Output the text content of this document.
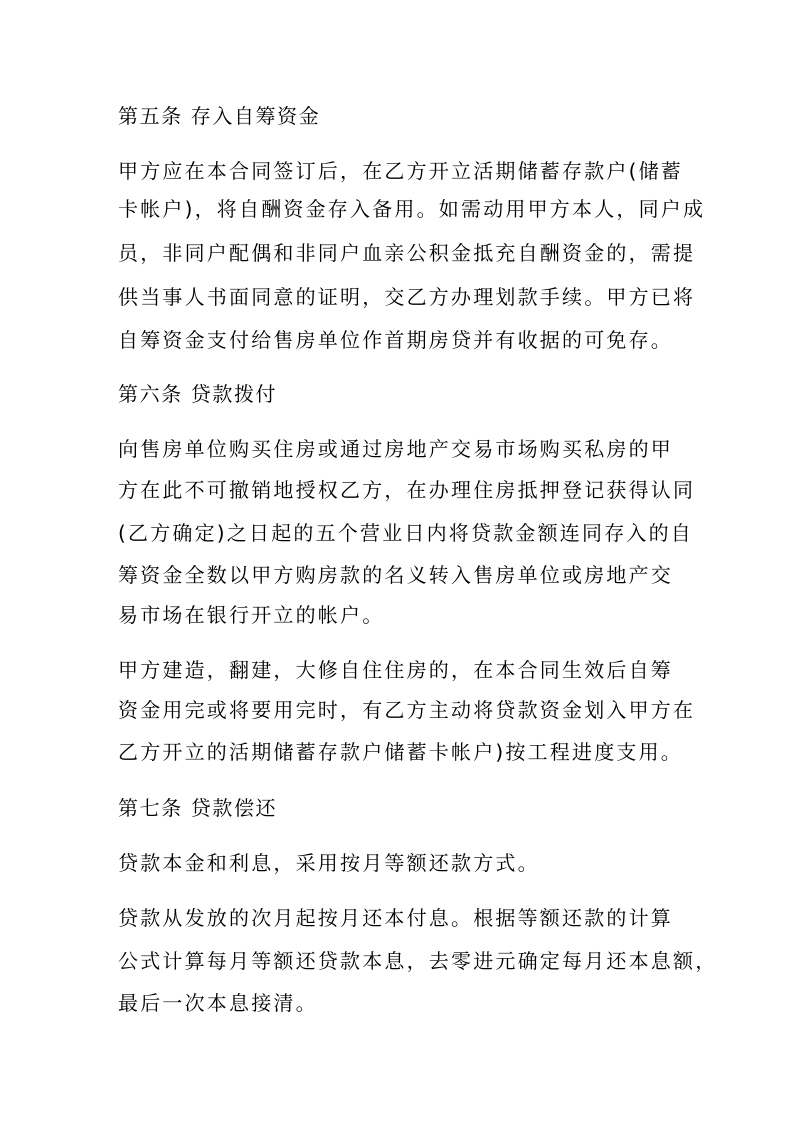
第五条 存入自筹资金
甲方应在本合同签订后，在乙方开立活期储蓄存款户(储蓄
卡帐户)，将自酬资金存入备用。如需动用甲方本人，同户成
员，非同户配偶和非同户血亲公积金抵充自酬资金的，需提
供当事人书面同意的证明，交乙方办理划款手续。甲方已将
自筹资金支付给售房单位作首期房贷并有收据的可免存。
第六条 贷款拨付
向售房单位购买住房或通过房地产交易市场购买私房的甲
方在此不可撤销地授权乙方，在办理住房抵押登记获得认同
(乙方确定)之日起的五个营业日内将贷款金额连同存入的自
筹资金全数以甲方购房款的名义转入售房单位或房地产交
易市场在银行开立的帐户。
甲方建造，翻建，大修自住住房的，在本合同生效后自筹
资金用完或将要用完时，有乙方主动将贷款资金划入甲方在
乙方开立的活期储蓄存款户储蓄卡帐户)按工程进度支用。
第七条 贷款偿还
贷款本金和利息，采用按月等额还款方式。
贷款从发放的次月起按月还本付息。根据等额还款的计算
公式计算每月等额还贷款本息，去零进元确定每月还本息额，
最后一次本息接清。
